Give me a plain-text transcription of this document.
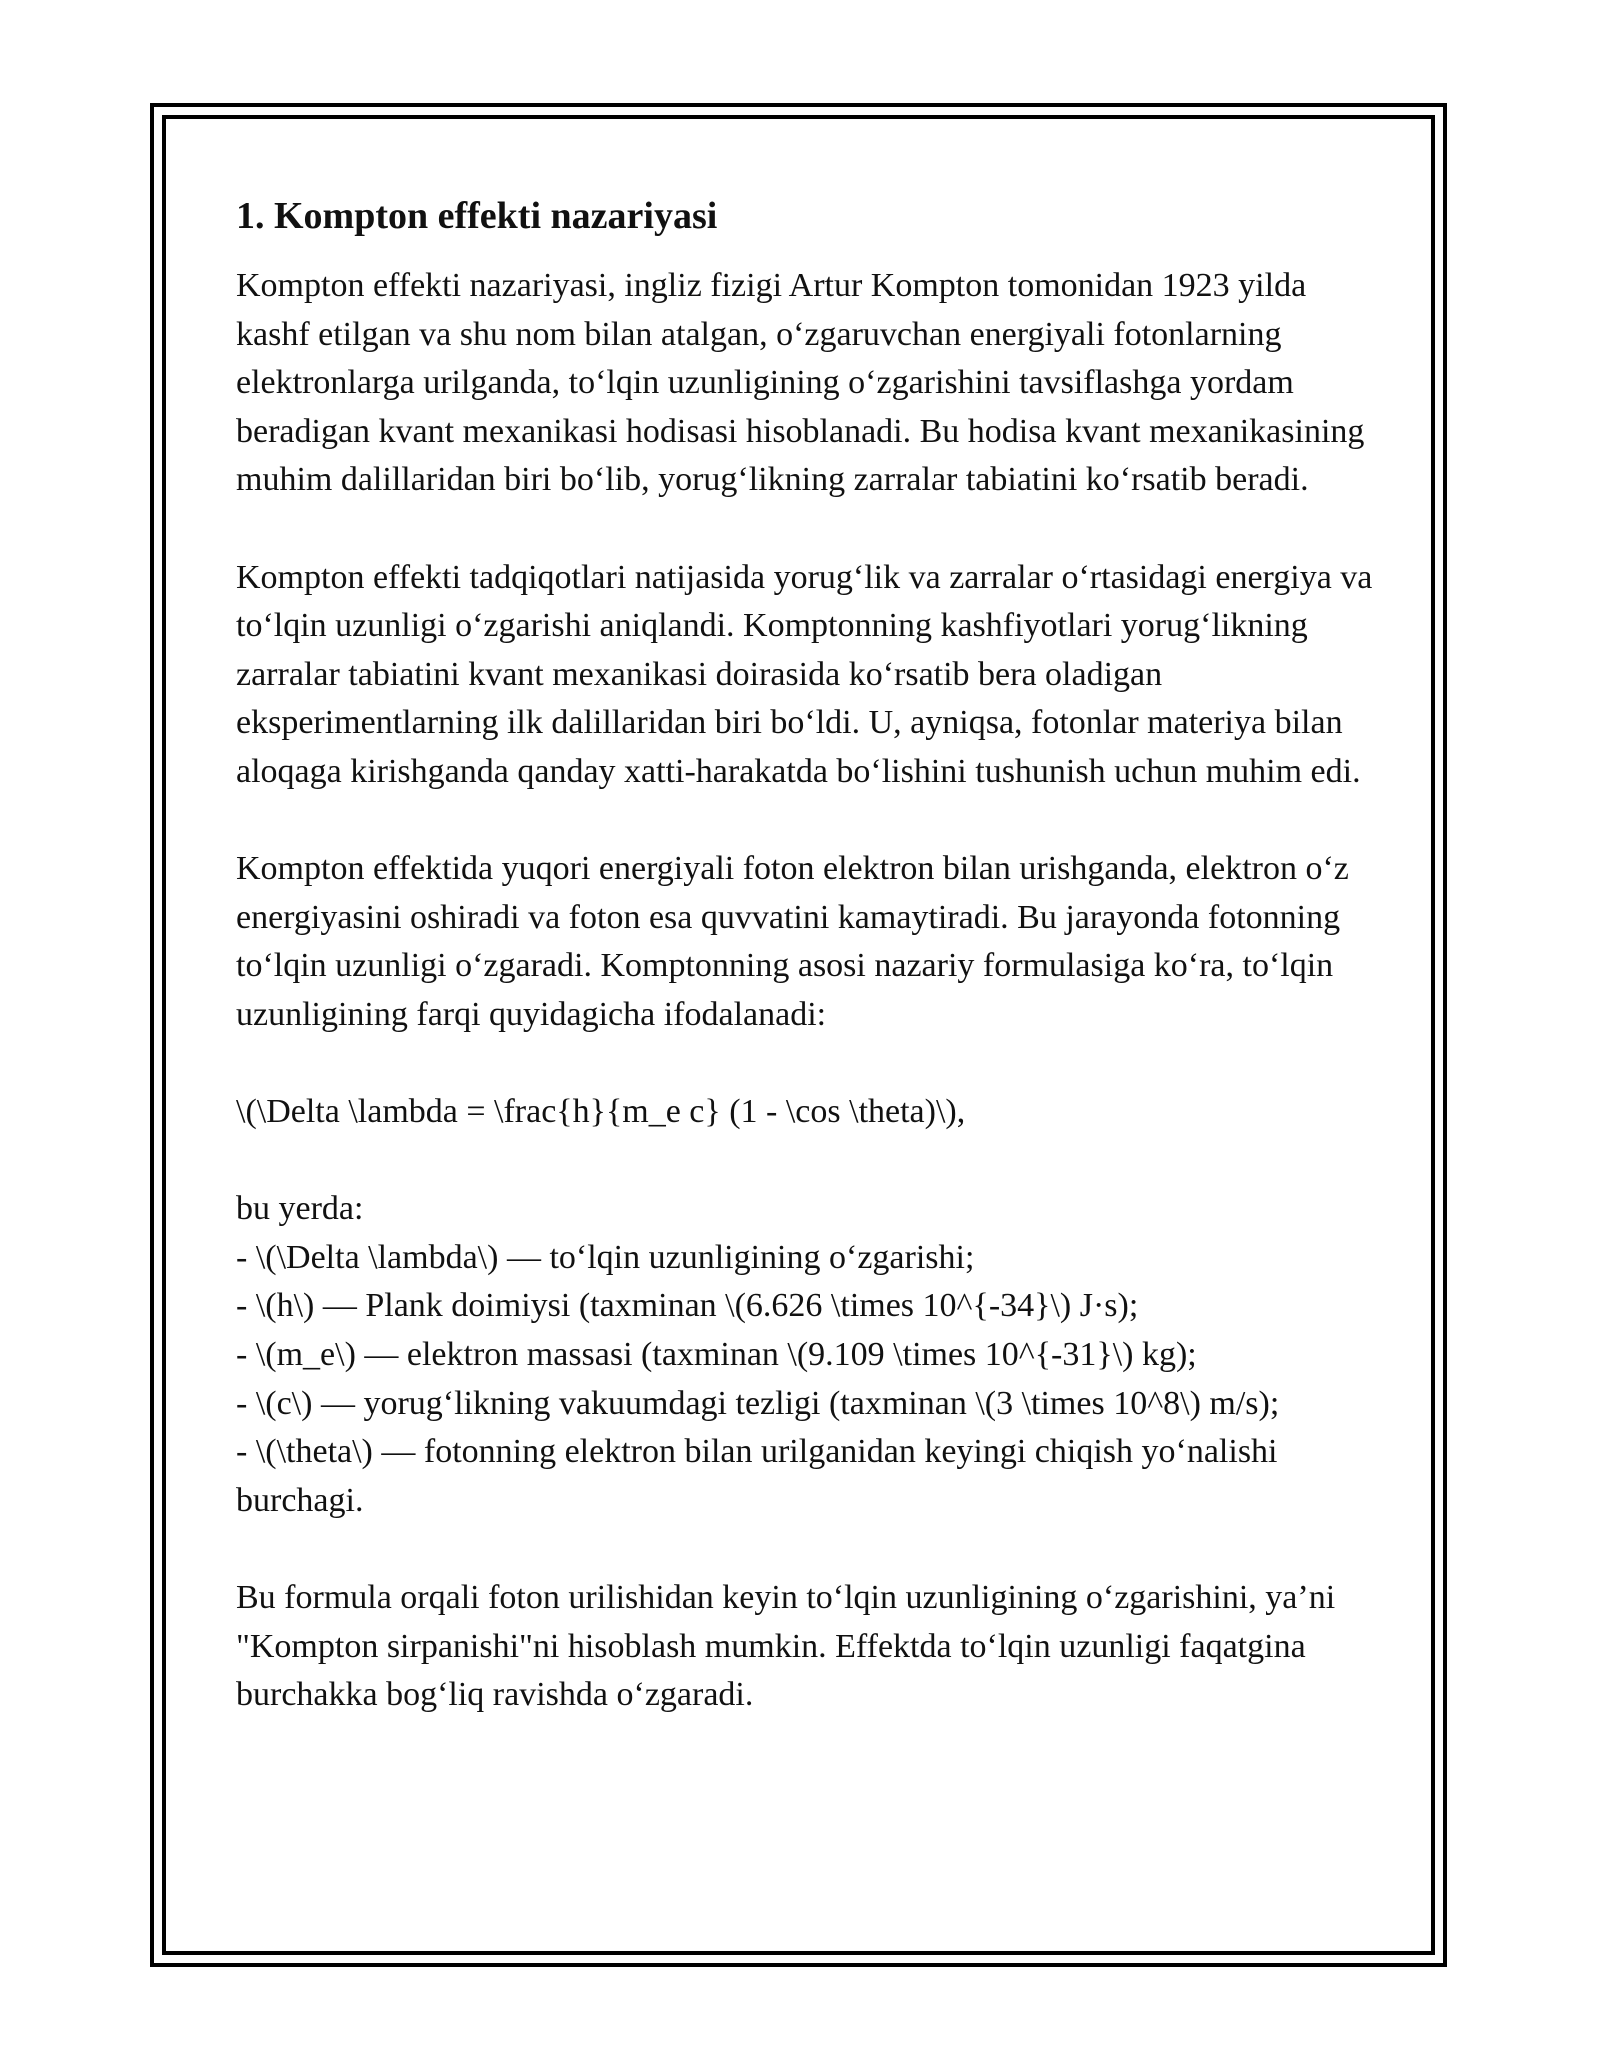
1. Kompton effekti nazariyasi

Kompton effekti nazariyasi, ingliz fizigi Artur Kompton tomonidan 1923 yilda kashf etilgan va shu nom bilan atalgan, o‘zgaruvchan energiyali fotonlarning elektronlarga urilganda, to‘lqin uzunligining o‘zgarishini tavsiflashga yordam beradigan kvant mexanikasi hodisasi hisoblanadi. Bu hodisa kvant mexanikasining muhim dalillaridan biri bo‘lib, yorug‘likning zarralar tabiatini ko‘rsatib beradi.

Kompton effekti tadqiqotlari natijasida yorug‘lik va zarralar o‘rtasidagi energiya va to‘lqin uzunligi o‘zgarishi aniqlandi. Komptonning kashfiyotlari yorug‘likning zarralar tabiatini kvant mexanikasi doirasida ko‘rsatib bera oladigan eksperimentlarning ilk dalillaridan biri bo‘ldi. U, ayniqsa, fotonlar materiya bilan aloqaga kirishganda qanday xatti-harakatda bo‘lishini tushunish uchun muhim edi.

Kompton effektida yuqori energiyali foton elektron bilan urishganda, elektron o‘z energiyasini oshiradi va foton esa quvvatini kamaytiradi. Bu jarayonda fotonning to‘lqin uzunligi o‘zgaradi. Komptonning asosi nazariy formulasiga ko‘ra, to‘lqin uzunligining farqi quyidagicha ifodalanadi:

\(\Delta \lambda = \frac{h}{m_e c} (1 - \cos \theta)\),

bu yerda:
- \(\Delta \lambda\) — to‘lqin uzunligining o‘zgarishi;
- \(h\) — Plank doimiysi (taxminan \(6.626 \times 10^{-34}\) J·s);
- \(m_e\) — elektron massasi (taxminan \(9.109 \times 10^{-31}\) kg);
- \(c\) — yorug‘likning vakuumdagi tezligi (taxminan \(3 \times 10^8\) m/s);
- \(\theta\) — fotonning elektron bilan urilganidan keyingi chiqish yo‘nalishi burchagi.

Bu formula orqali foton urilishidan keyin to‘lqin uzunligining o‘zgarishini, ya’ni "Kompton sirpanishi"ni hisoblash mumkin. Effektda to‘lqin uzunligi faqatgina burchakka bog‘liq ravishda o‘zgaradi.
